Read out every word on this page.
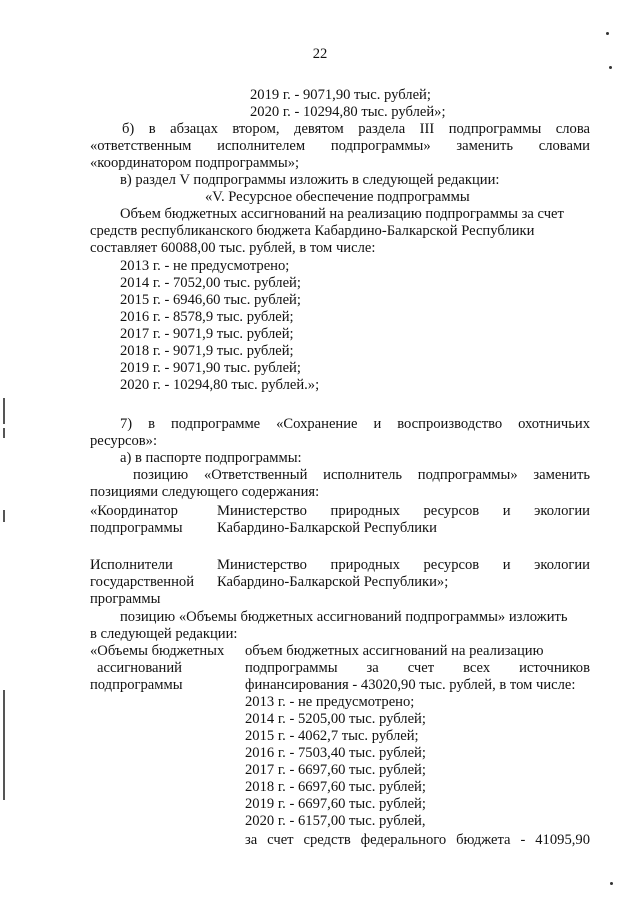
22
2019 г. - 9071,90 тыс. рублей;
2020 г. - 10294,80 тыс. рублей»;
б) в абзацах втором, девятом раздела III подпрограммы слова
«ответственным исполнителем подпрограммы» заменить словами
«координатором подпрограммы»;
в) раздел V подпрограммы изложить в следующей редакции:
«V. Ресурсное обеспечение подпрограммы
Объем бюджетных ассигнований на реализацию подпрограммы за счет
средств республиканского бюджета Кабардино-Балкарской Республики
составляет 60088,00 тыс. рублей, в том числе:
2013 г. - не предусмотрено;
2014 г. - 7052,00 тыс. рублей;
2015 г. - 6946,60 тыс. рублей;
2016 г. - 8578,9 тыс. рублей;
2017 г. - 9071,9 тыс. рублей;
2018 г. - 9071,9 тыс. рублей;
2019 г. - 9071,90 тыс. рублей;
2020 г. - 10294,80 тыс. рублей.»;
7) в подпрограмме «Сохранение и воспроизводство охотничьих
ресурсов»:
а) в паспорте подпрограммы:
позицию «Ответственный исполнитель подпрограммы» заменить
позициями следующего содержания:
«Координатор
подпрограммы
Министерство природных ресурсов и экологии
Кабардино-Балкарской Республики
Исполнители
государственной
программы
Министерство природных ресурсов и экологии
Кабардино-Балкарской Республики»;
позицию «Объемы бюджетных ассигнований подпрограммы» изложить
в следующей редакции:
«Объемы бюджетных
ассигнований
подпрограммы
объем бюджетных ассигнований на реализацию
подпрограммы за счет всех источников
финансирования - 43020,90 тыс. рублей, в том числе:
2013 г. - не предусмотрено;
2014 г. - 5205,00 тыс. рублей;
2015 г. - 4062,7 тыс. рублей;
2016 г. - 7503,40 тыс. рублей;
2017 г. - 6697,60 тыс. рублей;
2018 г. - 6697,60 тыс. рублей;
2019 г. - 6697,60 тыс. рублей;
2020 г. - 6157,00 тыс. рублей,
за счет средств федерального бюджета - 41095,90
